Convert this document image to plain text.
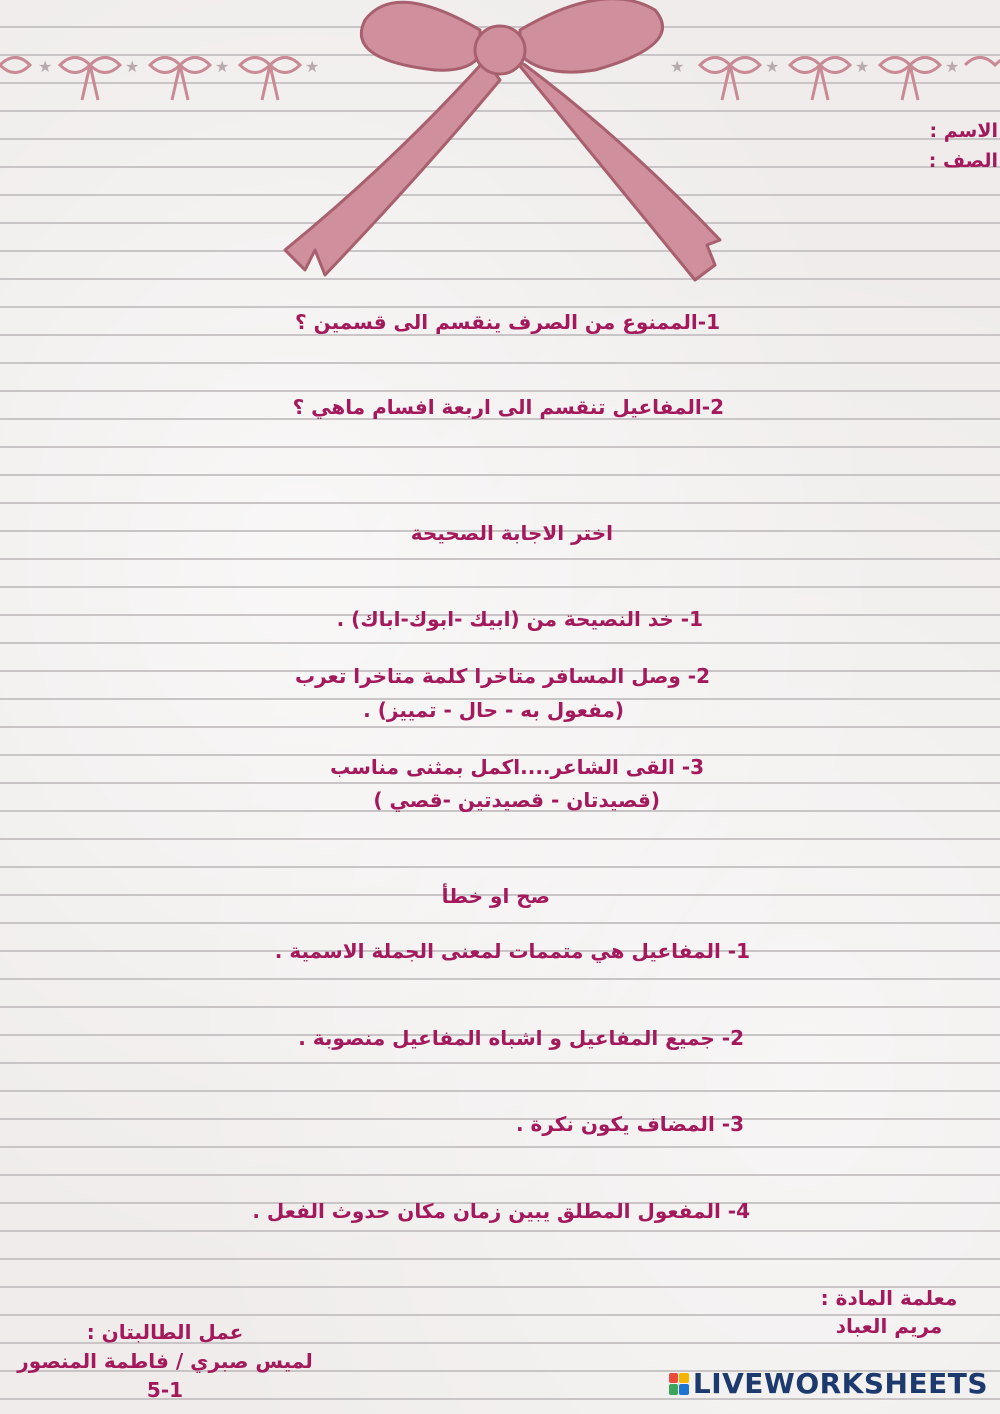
★	★	★	★	★	★	★	★
الاسم :
الصف :
1-الممنوع من الصرف ينقسم الى قسمين ؟
2-المفاعيل تنقسم الى اربعة افسام ماهي ؟
اختر الاجابة الصحيحة
1- خد النصيحة من (ابيك -ابوك-اباك) .
2- وصل المسافر متاخرا كلمة متاخرا تعرب
(مفعول به - حال - تمييز) .
3- القى الشاعر....اكمل بمثنى مناسب
(قصيدتان - قصيدتين -قصي )
صح او خطأ
1- المفاعيل هي متممات لمعنى الجملة الاسمية .
2- جميع المفاعيل و اشباه المفاعيل منصوبة .
3- المضاف يكون نكرة .
4- المفعول المطلق يبين زمان مكان حدوث الفعل .
معلمة المادة :
مريم العباد
عمل الطالبتان :
لميس صبري / فاطمة المنصور
5-1	LIVEWORKSHEETS
